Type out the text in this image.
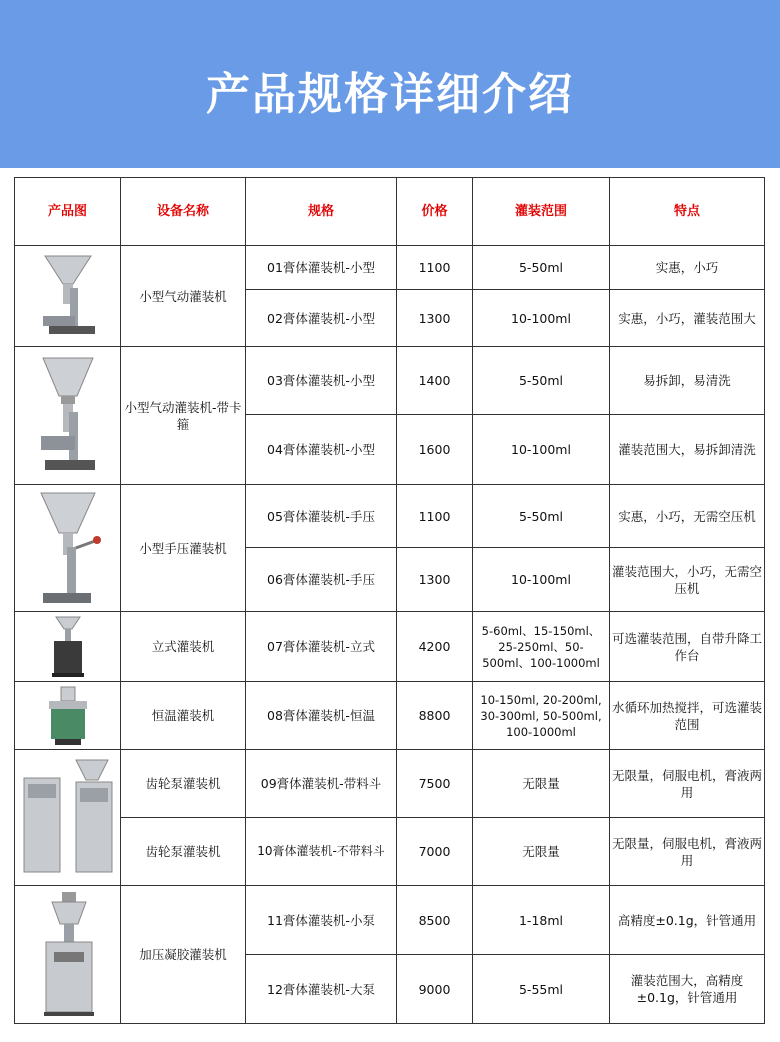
产品规格详细介绍
产品图	设备名称	规格	价格	灌装范围	特点

	小型气动灌装机	01膏体灌装机-小型	1100	5-50ml	实惠，小巧
		02膏体灌装机-小型	1300	10-100ml	实惠，小巧，灌装范围大

	小型气动灌装机-带卡箍	03膏体灌装机-小型	1400	5-50ml	易拆卸，易清洗
		04膏体灌装机-小型	1600	10-100ml	灌装范围大，易拆卸清洗

	小型手压灌装机	05膏体灌装机-手压	1100	5-50ml	实惠，小巧，无需空压机
		06膏体灌装机-手压	1300	10-100ml	灌装范围大，小巧，无需空压机

	立式灌装机	07膏体灌装机-立式	4200	5-60ml、15-150ml、25-250ml、50-500ml、100-1000ml	可选灌装范围，自带升降工作台

	恒温灌装机	08膏体灌装机-恒温	8800	10-150ml, 20-200ml, 30-300ml, 50-500ml, 100-1000ml	水循环加热搅拌，可选灌装范围

	齿轮泵灌装机	09膏体灌装机-带料斗	7500	无限量	无限量，伺服电机，膏液两用
	齿轮泵灌装机	10膏体灌装机-不带料斗	7000	无限量	无限量，伺服电机，膏液两用

	加压凝胶灌装机	11膏体灌装机-小泵	8500	1-18ml	高精度±0.1g，针管通用
		12膏体灌装机-大泵	9000	5-55ml	灌装范围大，高精度±0.1g，针管通用
